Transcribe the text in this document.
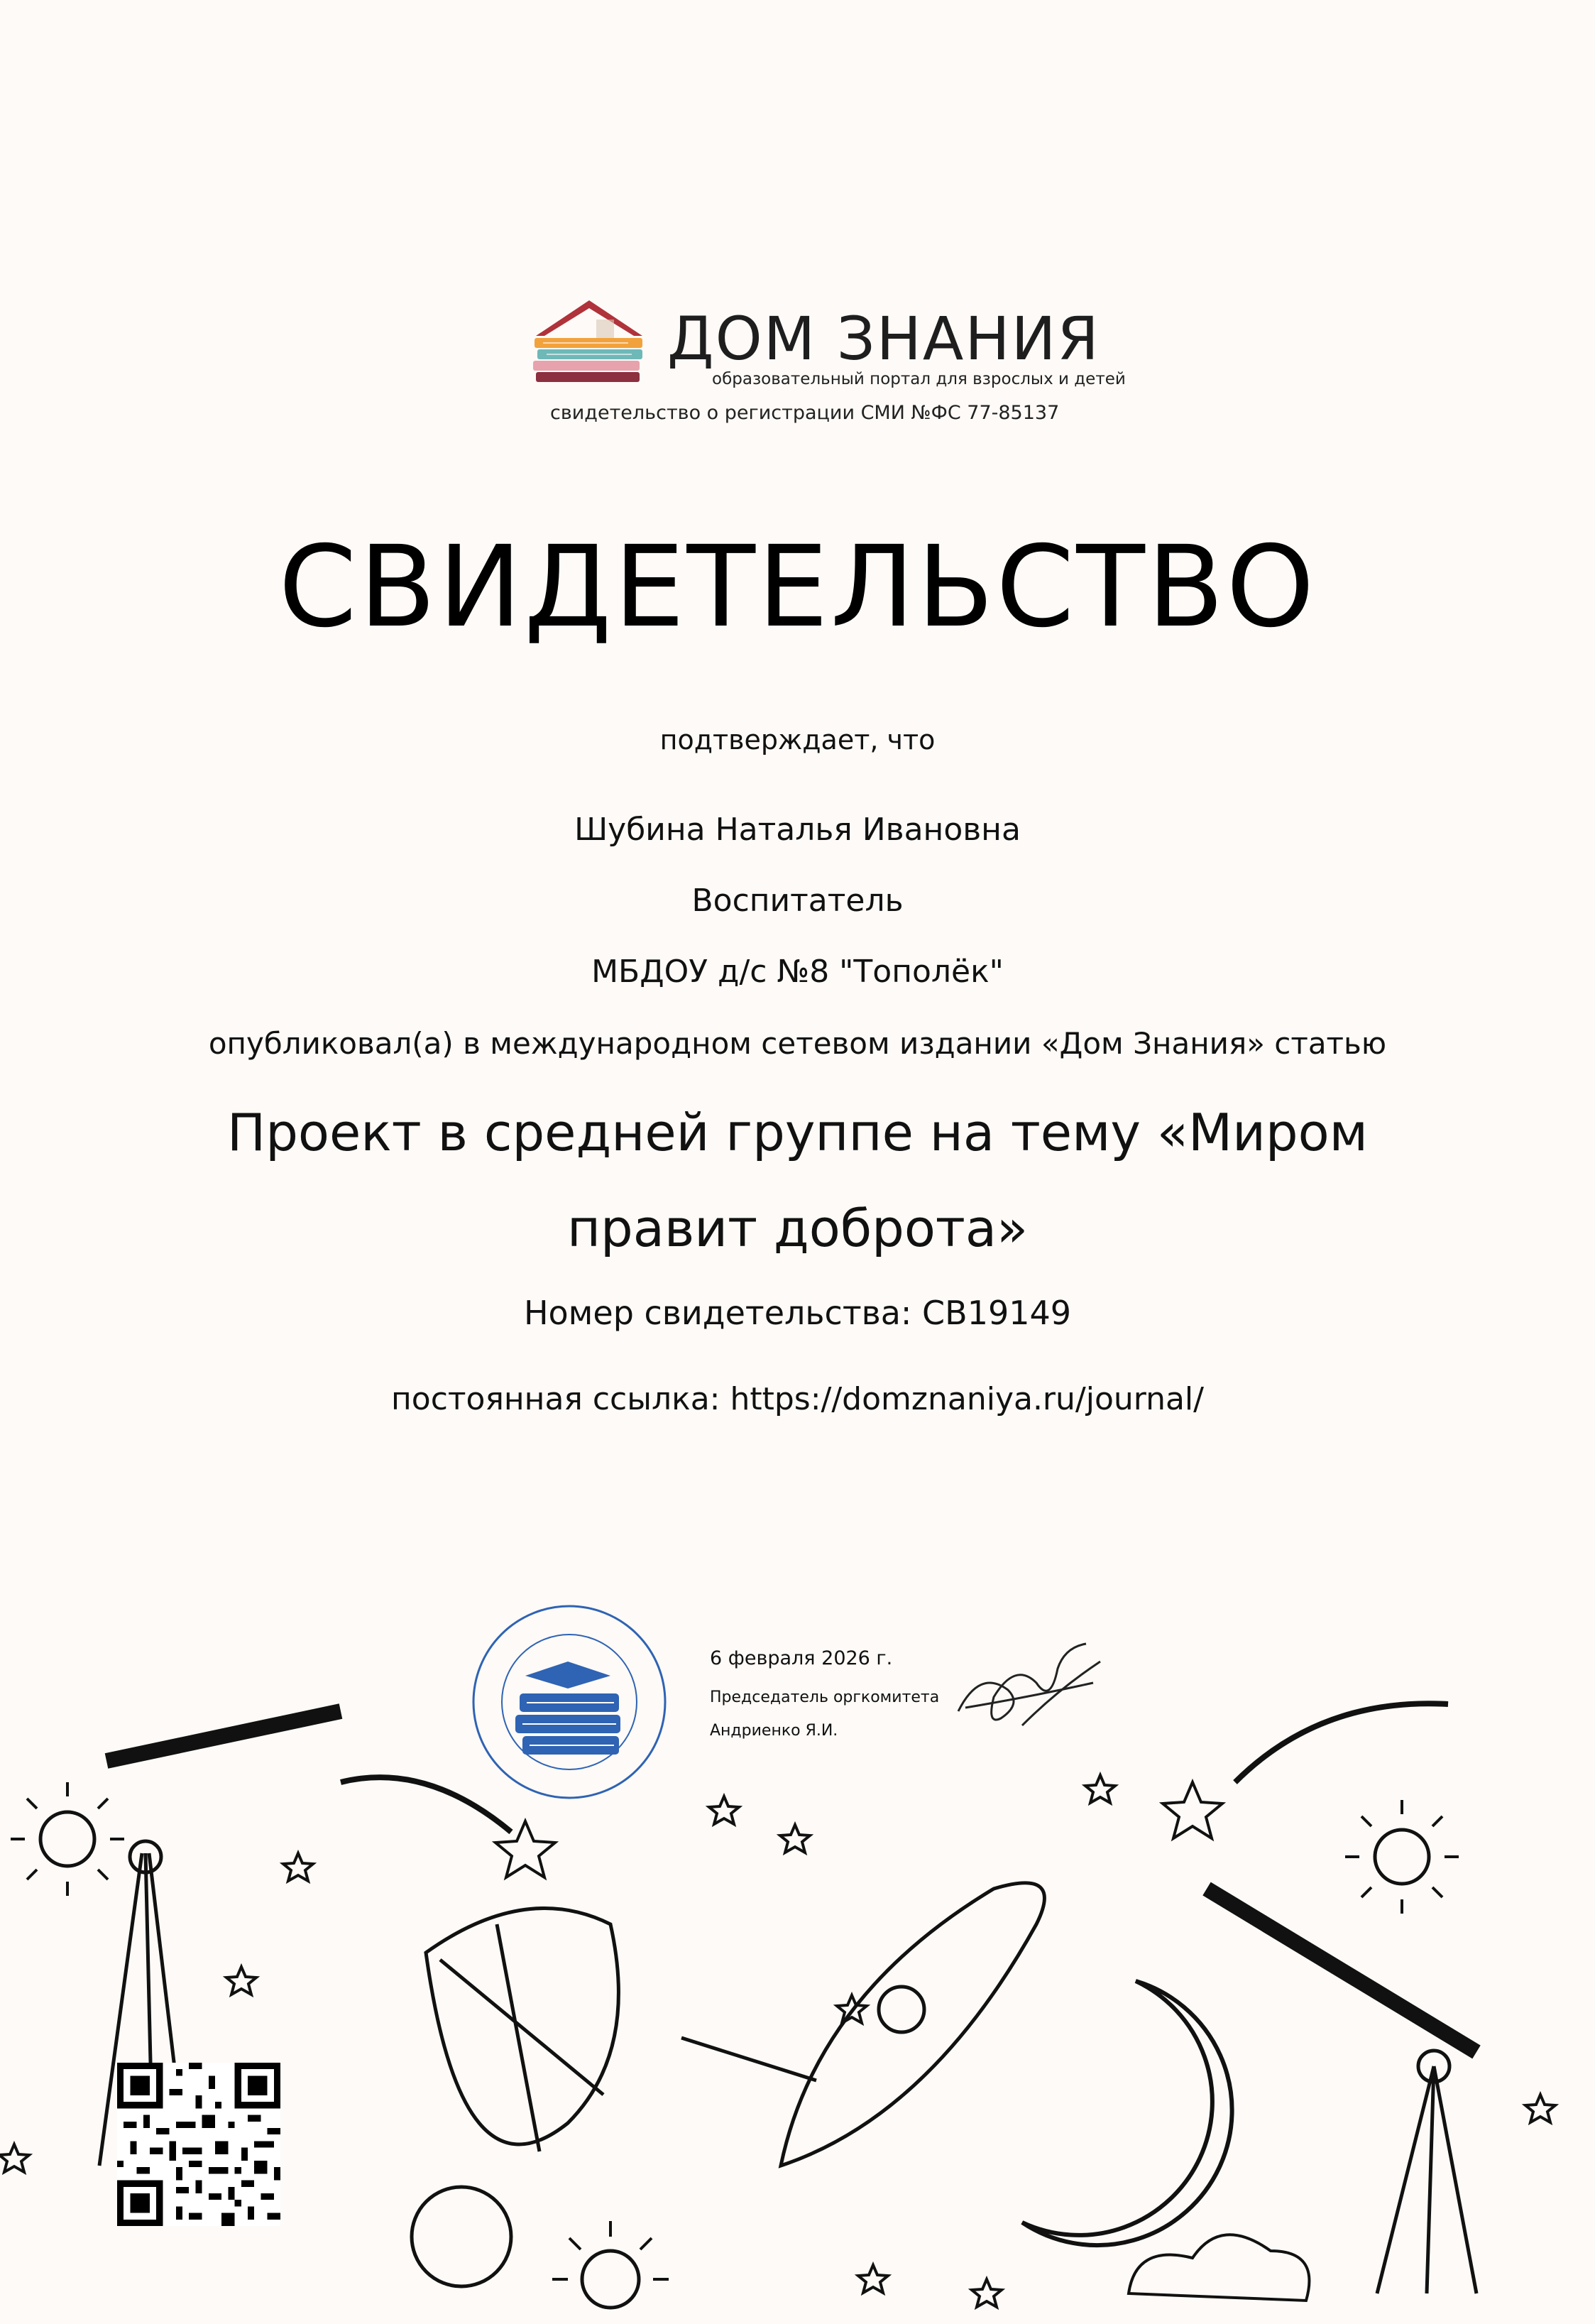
ДОМ ЗНАНИЯ
образовательный портал для взрослых и детей
свидетельство о регистрации СМИ №ФС 77-85137
СВИДЕТЕЛЬСТВО
подтверждает, что
Шубина Наталья Ивановна
Воспитатель
МБДОУ д/с №8 "Тополёк"
опубликовал(а) в международном сетевом издании «Дом Знания» статью
Проект в средней группе на тему «Миром правит доброта»
Номер свидетельства: СВ19149
постоянная ссылка: https://domznaniya.ru/journal/
6 февраля 2026 г.
Председатель оргкомитета
Андриенко Я.И.
